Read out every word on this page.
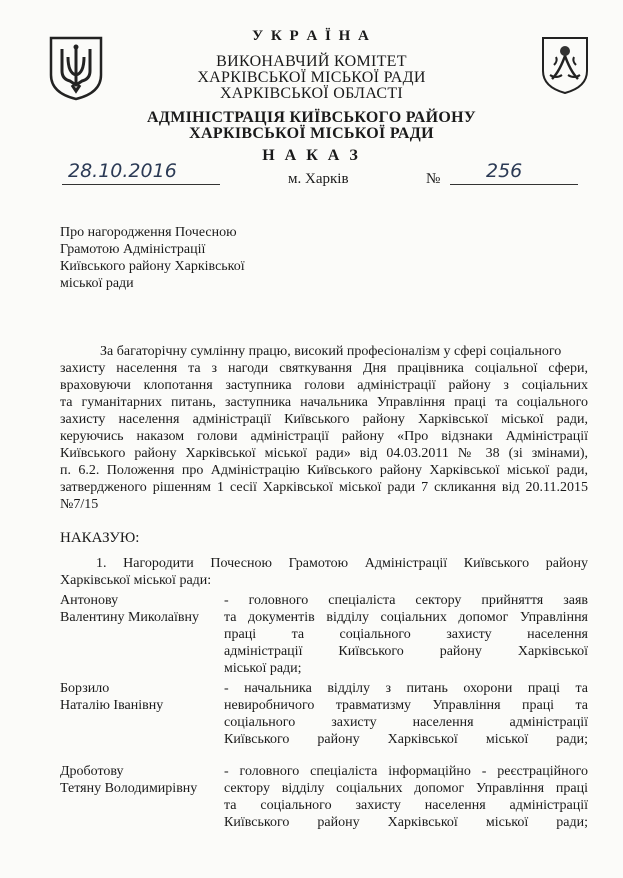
У К Р А Ї Н А
ВИКОНАВЧИЙ КОМІТЕТ
ХАРКІВСЬКОЇ МІСЬКОЇ РАДИ
ХАРКІВСЬКОЇ ОБЛАСТІ
АДМІНІСТРАЦІЯ КИЇВСЬКОГО РАЙОНУ
ХАРКІВСЬКОЇ МІСЬКОЇ РАДИ
Н А К А З
28.10.2016	м. Харків	№ 256
Про нагородження Почесною
Грамотою Адміністрації
Київського району Харківської
міської ради
За багаторічну сумлінну працю, високий професіоналізм у сфері соціального
захисту населення та з нагоди святкування Дня працівника соціальної сфери,
враховуючи клопотання заступника голови адміністрації району з соціальних
та гуманітарних питань, заступника начальника Управління праці та соціального
захисту населення адміністрації Київського району Харківської міської ради,
керуючись наказом голови адміністрації району «Про відзнаки Адміністрації
Київського району Харківської міської ради» від 04.03.2011 № 38 (зі змінами),
п. 6.2. Положення про Адміністрацію Київського району Харківської міської ради,
затвердженого рішенням 1 сесії Харківської міської ради 7 скликання від 20.11.2015
№7/15
НАКАЗУЮ:
1. Нагородити Почесною Грамотою Адміністрації Київського району
Харківської міської ради:
Антонову
Валентину Миколаївну
- головного спеціаліста сектору прийняття заяв
та документів відділу соціальних допомог Управління
праці та соціального захисту населення
адміністрації Київського району Харківської
міської ради;
Борзило
Наталію Іванівну
- начальника відділу з питань охорони праці та
невиробничого травматизму Управління праці та
соціального захисту населення адміністрації
Київського району Харківської міської ради;
Дроботову
Тетяну Володимирівну
- головного спеціаліста інформаційно - реєстраційного
сектору відділу соціальних допомог Управління праці
та соціального захисту населення адміністрації
Київського району Харківської міської ради;
